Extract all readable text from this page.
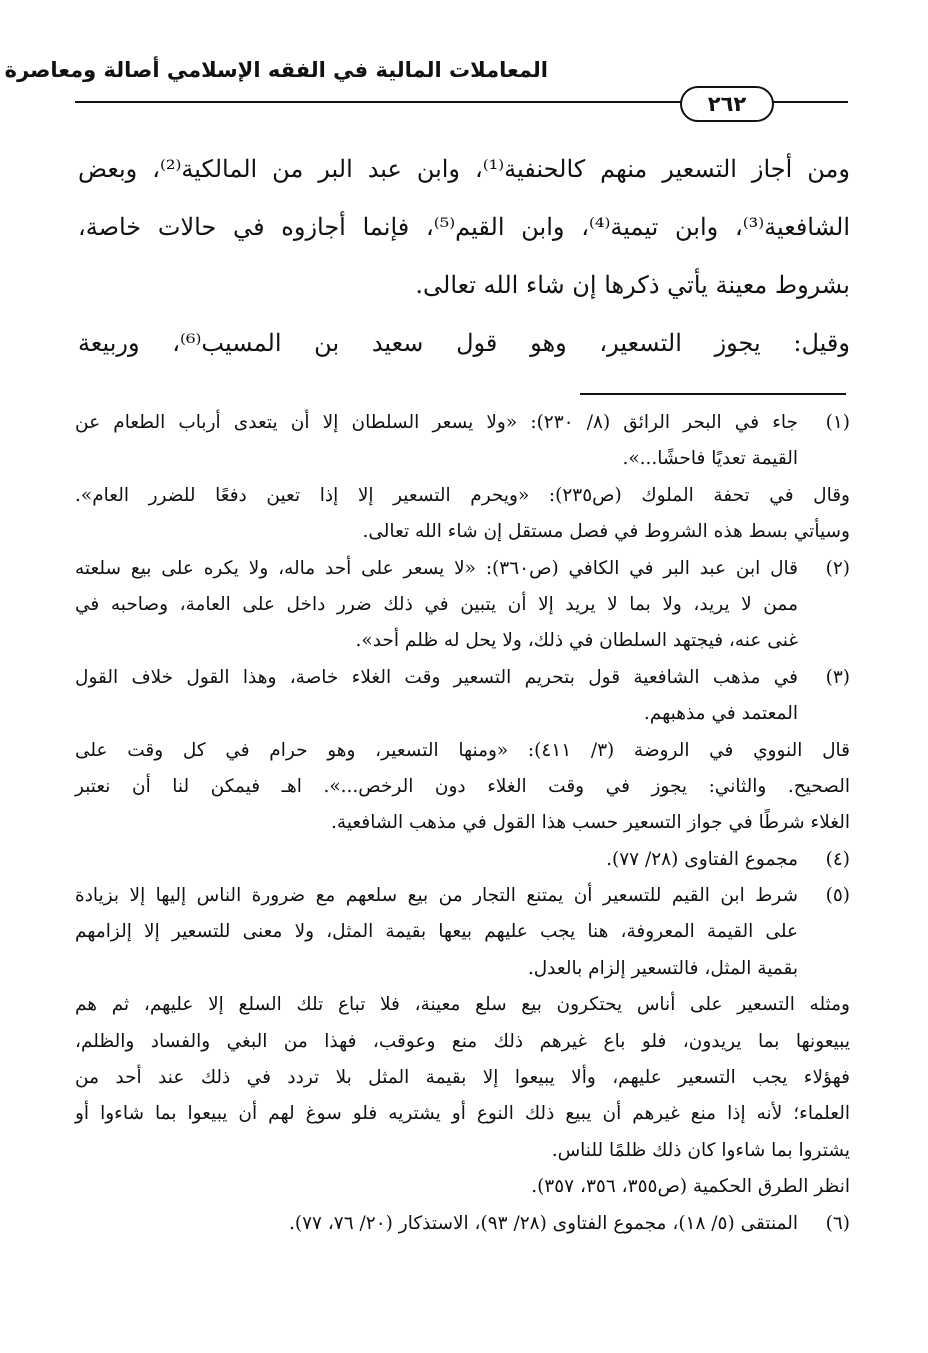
المعاملات المالية في الفقه الإسلامي أصالة ومعاصرة
٢٦٢
ومن أجاز التسعير منهم كالحنفية⁽¹⁾، وابن عبد البر من المالكية⁽²⁾، وبعض
الشافعية⁽³⁾، وابن تيمية⁽⁴⁾، وابن القيم⁽⁵⁾، فإنما أجازوه في حالات خاصة،
بشروط معينة يأتي ذكرها إن شاء الله تعالى.
وقيل: يجوز التسعير، وهو قول سعيد بن المسيب⁽⁶⁾، وربيعة
(١)
جاء في البحر الرائق (٨/ ٢٣٠): «ولا يسعر السلطان إلا أن يتعدى أرباب الطعام عن
القيمة تعديًا فاحشًا...».
وقال في تحفة الملوك (ص٢٣٥): «ويحرم التسعير إلا إذا تعين دفعًا للضرر العام».
وسيأتي بسط هذه الشروط في فصل مستقل إن شاء الله تعالى.
(٢)
قال ابن عبد البر في الكافي (ص٣٦٠): «لا يسعر على أحد ماله، ولا يكره على بيع سلعته
ممن لا يريد، ولا بما لا يريد إلا أن يتبين في ذلك ضرر داخل على العامة، وصاحبه في
غنى عنه، فيجتهد السلطان في ذلك، ولا يحل له ظلم أحد».
(٣)
في مذهب الشافعية قول بتحريم التسعير وقت الغلاء خاصة، وهذا القول خلاف القول
المعتمد في مذهبهم.
قال النووي في الروضة (٣/ ٤١١): «ومنها التسعير، وهو حرام في كل وقت على
الصحيح. والثاني: يجوز في وقت الغلاء دون الرخص...». اهـ فيمكن لنا أن نعتبر
الغلاء شرطًا في جواز التسعير حسب هذا القول في مذهب الشافعية.
(٤)
مجموع الفتاوى (٢٨/ ٧٧).
(٥)
شرط ابن القيم للتسعير أن يمتنع التجار من بيع سلعهم مع ضرورة الناس إليها إلا بزيادة
على القيمة المعروفة، هنا يجب عليهم بيعها بقيمة المثل، ولا معنى للتسعير إلا إلزامهم
بقمية المثل، فالتسعير إلزام بالعدل.
ومثله التسعير على أناس يحتكرون بيع سلع معينة، فلا تباع تلك السلع إلا عليهم، ثم هم
يبيعونها بما يريدون، فلو باع غيرهم ذلك منع وعوقب، فهذا من البغي والفساد والظلم،
فهؤلاء يجب التسعير عليهم، وألا يبيعوا إلا بقيمة المثل بلا تردد في ذلك عند أحد من
العلماء؛ لأنه إذا منع غيرهم أن يبيع ذلك النوع أو يشتريه فلو سوغ لهم أن يبيعوا بما شاءوا أو
يشتروا بما شاءوا كان ذلك ظلمًا للناس.
انظر الطرق الحكمية (ص٣٥٥، ٣٥٦، ٣٥٧).
(٦)
المنتقى (٥/ ١٨)، مجموع الفتاوى (٢٨/ ٩٣)، الاستذكار (٢٠/ ٧٦، ٧٧).
